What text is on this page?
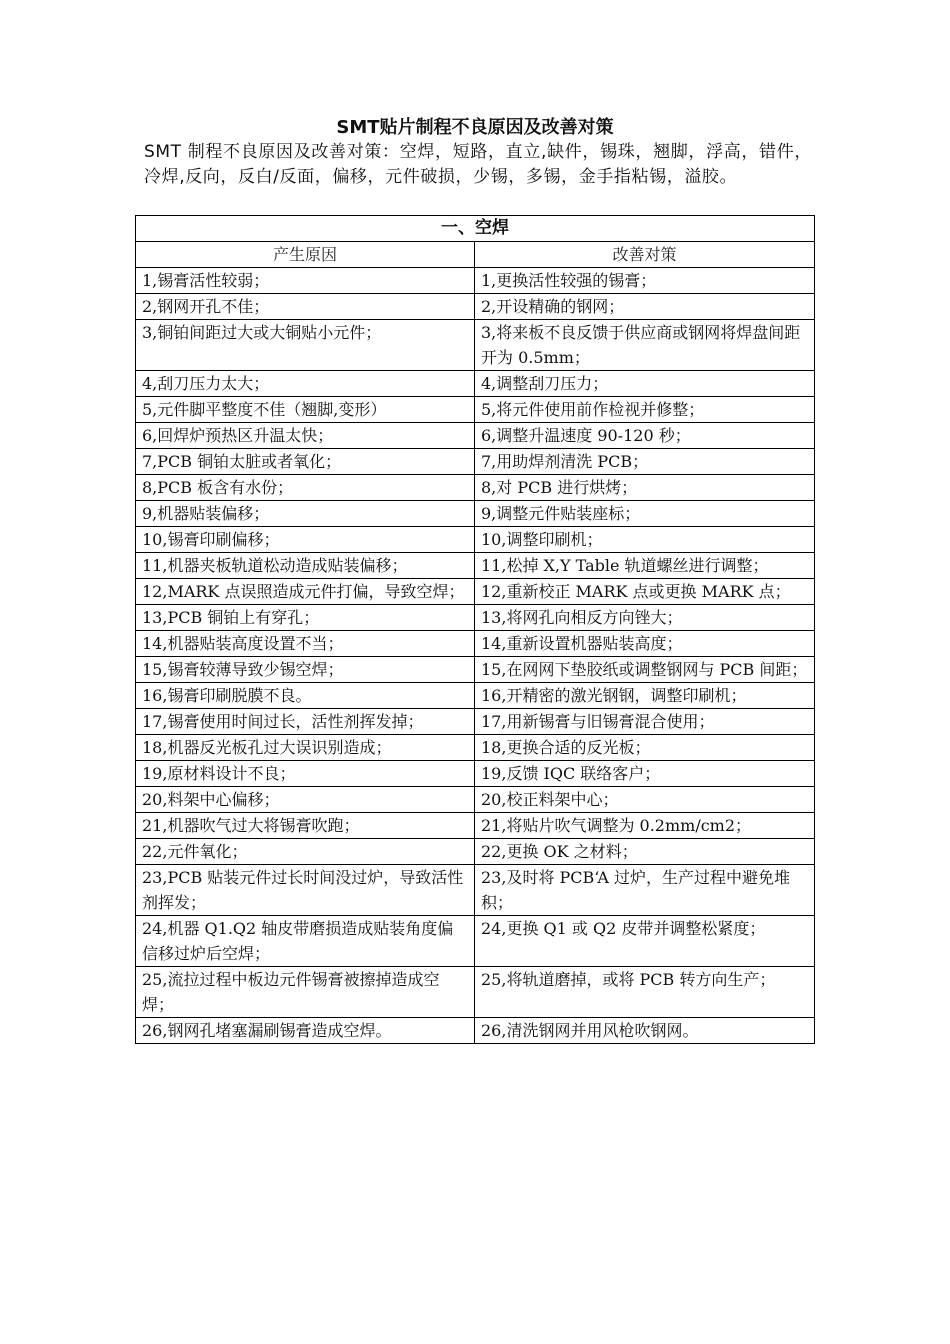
SMT贴片制程不良原因及改善对策
SMT 制程不良原因及改善对策：空焊，短路，直立,缺件，锡珠，翘脚，浮高，错件，冷焊,反向，反白/反面，偏移，元件破损，少锡，多锡，金手指粘锡，溢胶。
一、空焊	
产生原因	改善对策
1,锡膏活性较弱；	1,更换活性较强的锡膏；
2,钢网开孔不佳；	2,开设精确的钢网；
3,铜铂间距过大或大铜贴小元件；	3,将来板不良反馈于供应商或钢网将焊盘间距 开为 0.5mm；
4,刮刀压力太大；	4,调整刮刀压力；
5,元件脚平整度不佳（翘脚,变形）	5,将元件使用前作检视并修整；
6,回焊炉预热区升温太快；	6,调整升温速度 90-120 秒；
7,PCB 铜铂太脏或者氧化；	7,用助焊剂清洗 PCB；
8,PCB 板含有水份；	8,对 PCB 进行烘烤；
9,机器贴装偏移；	9,调整元件贴装座标；
10,锡膏印刷偏移；	10,调整印刷机；
11,机器夹板轨道松动造成贴装偏移；	11,松掉 X,Y Table 轨道螺丝进行调整；
12,MARK 点误照造成元件打偏，导致空焊；	12,重新校正 MARK 点或更换 MARK 点；
13,PCB 铜铂上有穿孔；	13,将网孔向相反方向锉大；
14,机器贴装高度设置不当；	14,重新设置机器贴装高度；
15,锡膏较薄导致少锡空焊；	15,在网网下垫胶纸或调整钢网与 PCB 间距；
16,锡膏印刷脱膜不良。	16,开精密的激光钢钢，调整印刷机；
17,锡膏使用时间过长，活性剂挥发掉；	17,用新锡膏与旧锡膏混合使用；
18,机器反光板孔过大误识别造成；	18,更换合适的反光板；
19,原材料设计不良；	19,反馈 IQC 联络客户；
20,料架中心偏移；	20,校正料架中心；
21,机器吹气过大将锡膏吹跑；	21,将贴片吹气调整为 0.2mm/cm2；
22,元件氧化；	22,更换 OK 之材料；
23,PCB 贴装元件过长时间没过炉，导致活性剂挥发；	23,及时将 PCB‘A 过炉，生产过程中避免堆积；
24,机器 Q1.Q2 轴皮带磨损造成贴装角度偏信移过炉后空焊；	24,更换 Q1 或 Q2 皮带并调整松紧度；
25,流拉过程中板边元件锡膏被擦掉造成空焊；	25,将轨道磨掉，或将 PCB 转方向生产；
26,钢网孔堵塞漏刷锡膏造成空焊。	26,清洗钢网并用风枪吹钢网。
